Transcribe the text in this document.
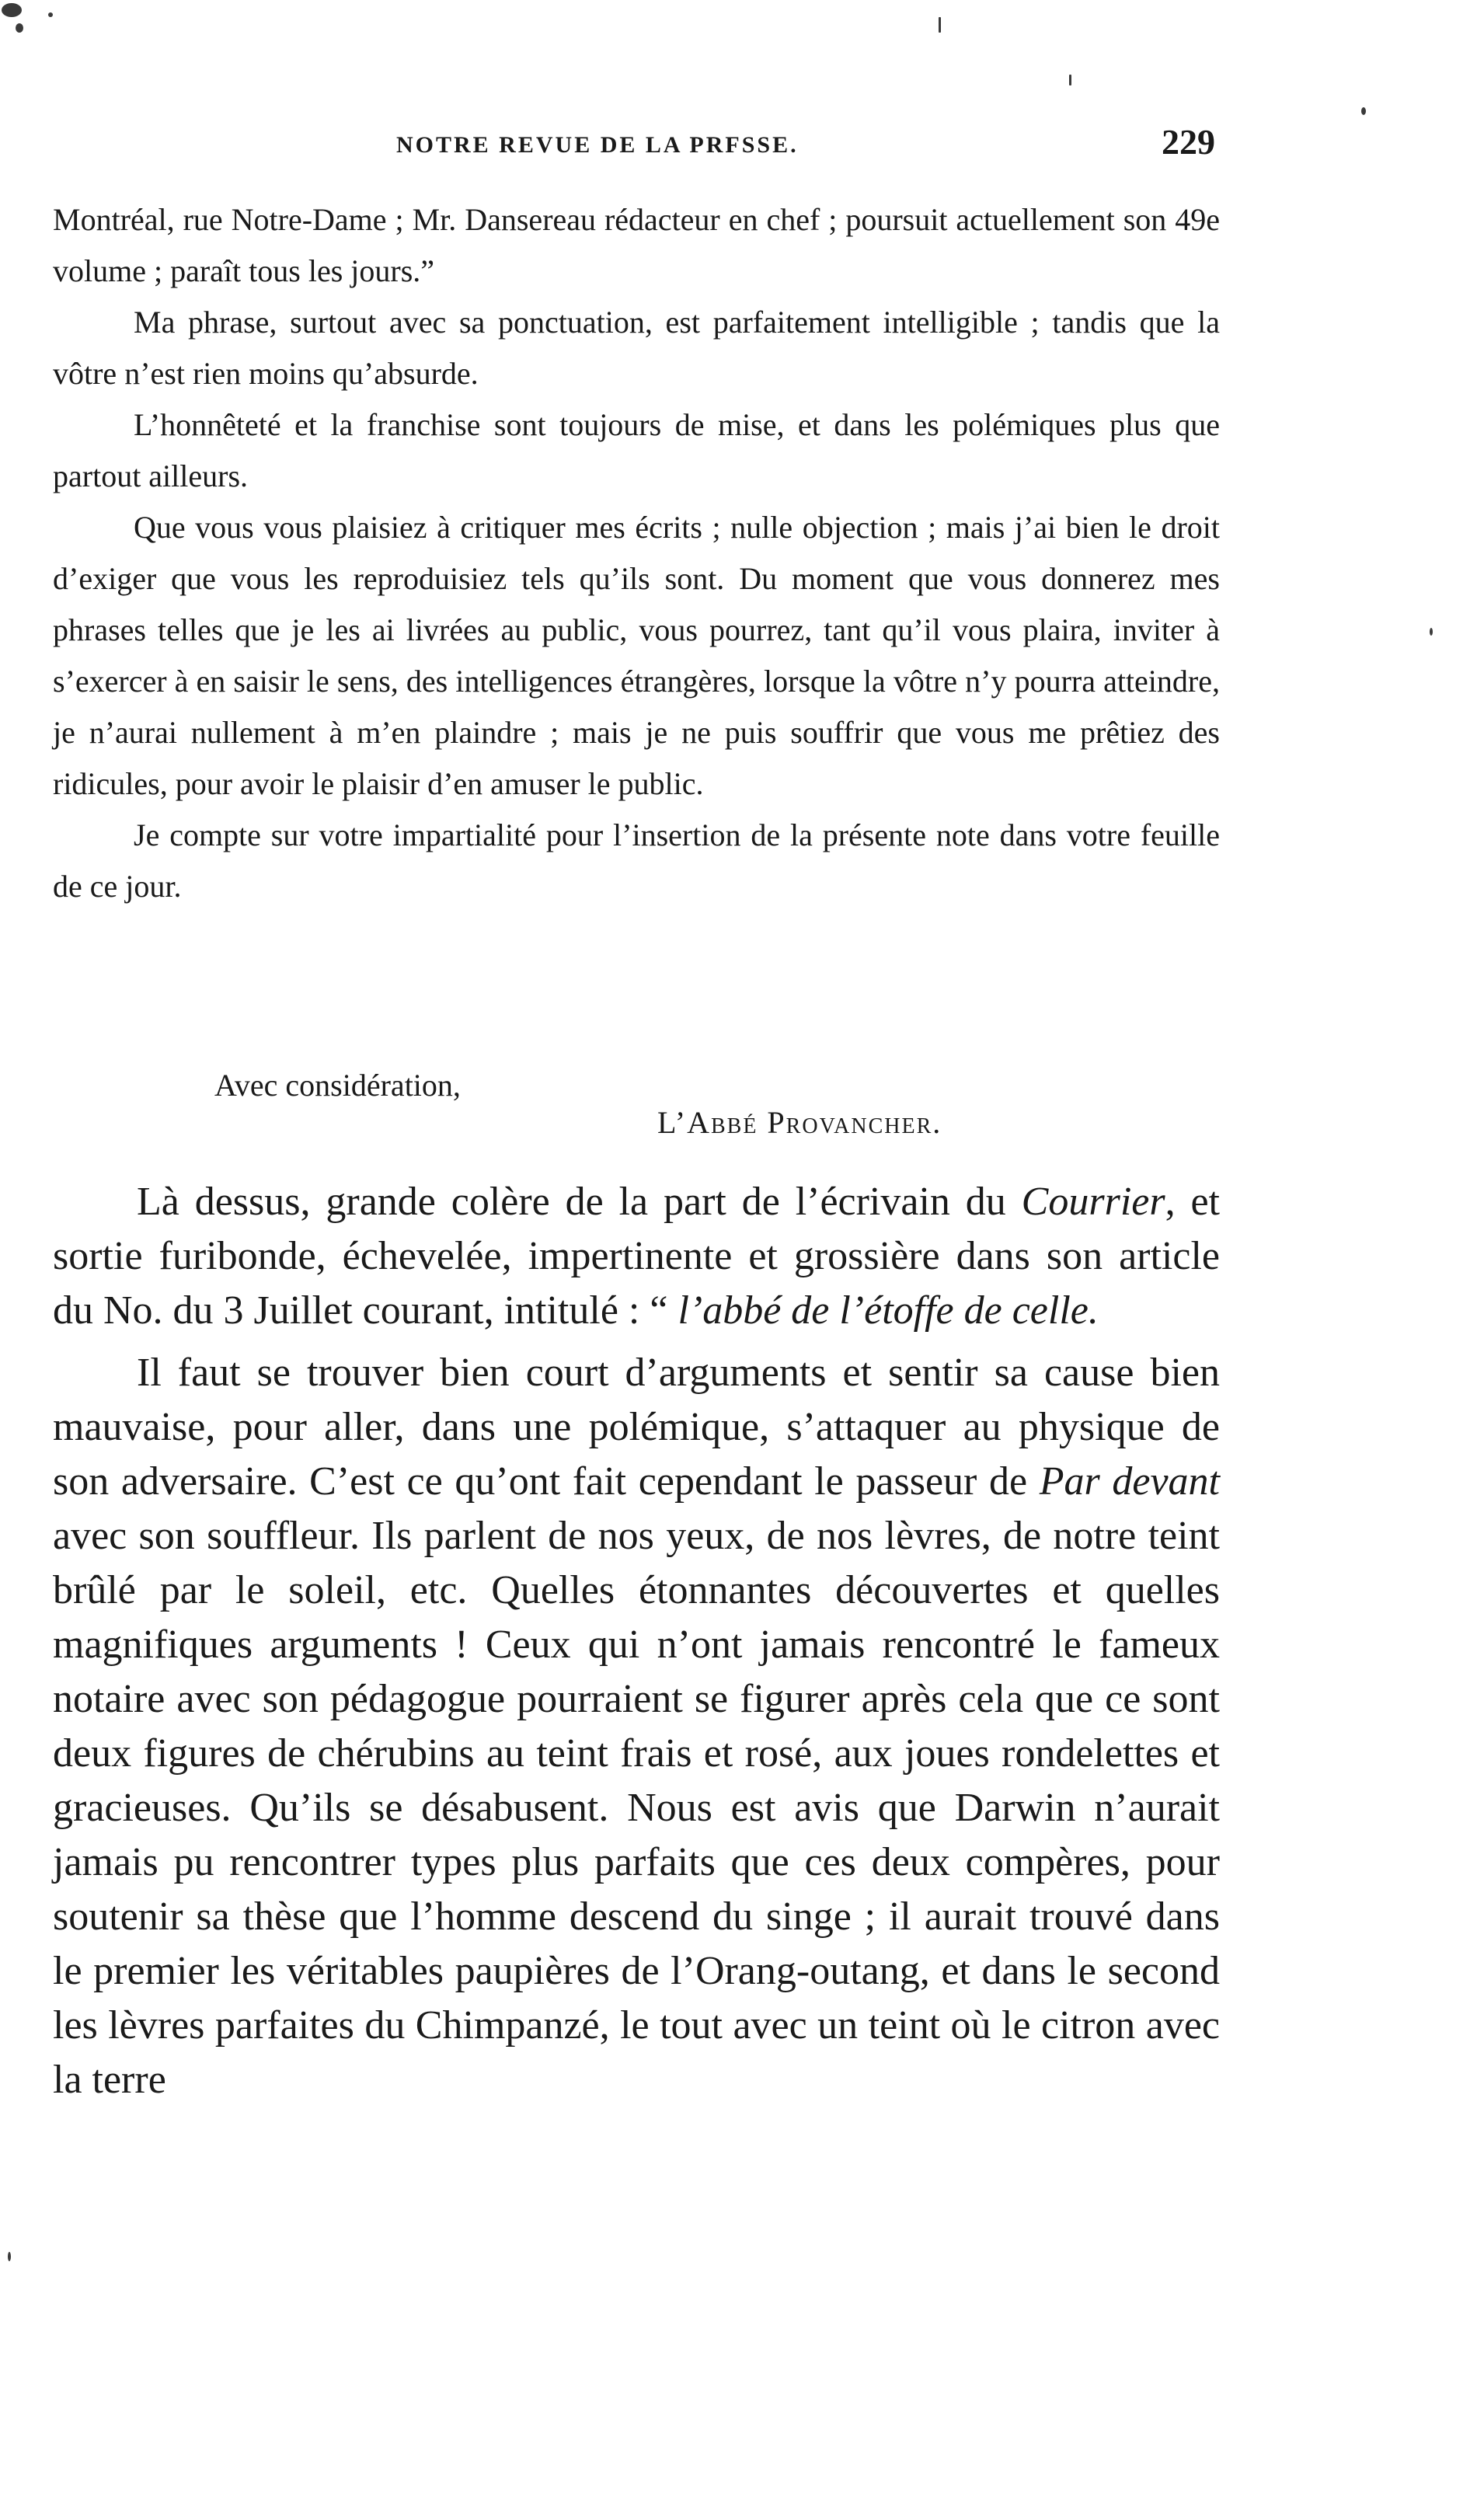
NOTRE REVUE DE LA PRFSSE.	229

Montréal, rue Notre-Dame ; Mr. Dansereau rédacteur en chef ; poursuit actuellement son 49e volume ; paraît tous les jours.”

Ma phrase, surtout avec sa ponctuation, est parfaitement intelligible ; tandis que la vôtre n’est rien moins qu’absurde.

L’honnêteté et la franchise sont toujours de mise, et dans les polémiques plus que partout ailleurs.

Que vous vous plaisiez à critiquer mes écrits ; nulle objection ; mais j’ai bien le droit d’exiger que vous les reproduisiez tels qu’ils sont. Du moment que vous donnerez mes phrases telles que je les ai livrées au public, vous pourrez, tant qu’il vous plaira, inviter à s’exercer à en saisir le sens, des intelligences étrangères, lorsque la vôtre n’y pourra atteindre, je n’aurai nullement à m’en plaindre ; mais je ne puis souffrir que vous me prêtiez des ridicules, pour avoir le plaisir d’en amuser le public.

Je compte sur votre impartialité pour l’insertion de la présente note dans votre feuille de ce jour.

Avec considération,
L’Abbé Provancher.

Là dessus, grande colère de la part de l’écrivain du Courrier, et sortie furibonde, échevelée, impertinente et grossière dans son article du No. du 3 Juillet courant, intitulé : “ l’abbé de l’étoffe de celle.

Il faut se trouver bien court d’arguments et sentir sa cause bien mauvaise, pour aller, dans une polémique, s’attaquer au physique de son adversaire. C’est ce qu’ont fait cependant le passeur de Par devant avec son souffleur. Ils parlent de nos yeux, de nos lèvres, de notre teint brûlé par le soleil, etc. Quelles étonnantes découvertes et quelles magnifiques arguments ! Ceux qui n’ont jamais rencontré le fameux notaire avec son pédagogue pourraient se figurer après cela que ce sont deux figures de chérubins au teint frais et rosé, aux joues rondelettes et gracieuses. Qu’ils se désabusent. Nous est avis que Darwin n’aurait jamais pu rencontrer types plus parfaits que ces deux compères, pour soutenir sa thèse que l’homme descend du singe ; il aurait trouvé dans le premier les véritables paupières de l’Orang-outang, et dans le second les lèvres parfaites du Chimpanzé, le tout avec un teint où le citron avec la terre
